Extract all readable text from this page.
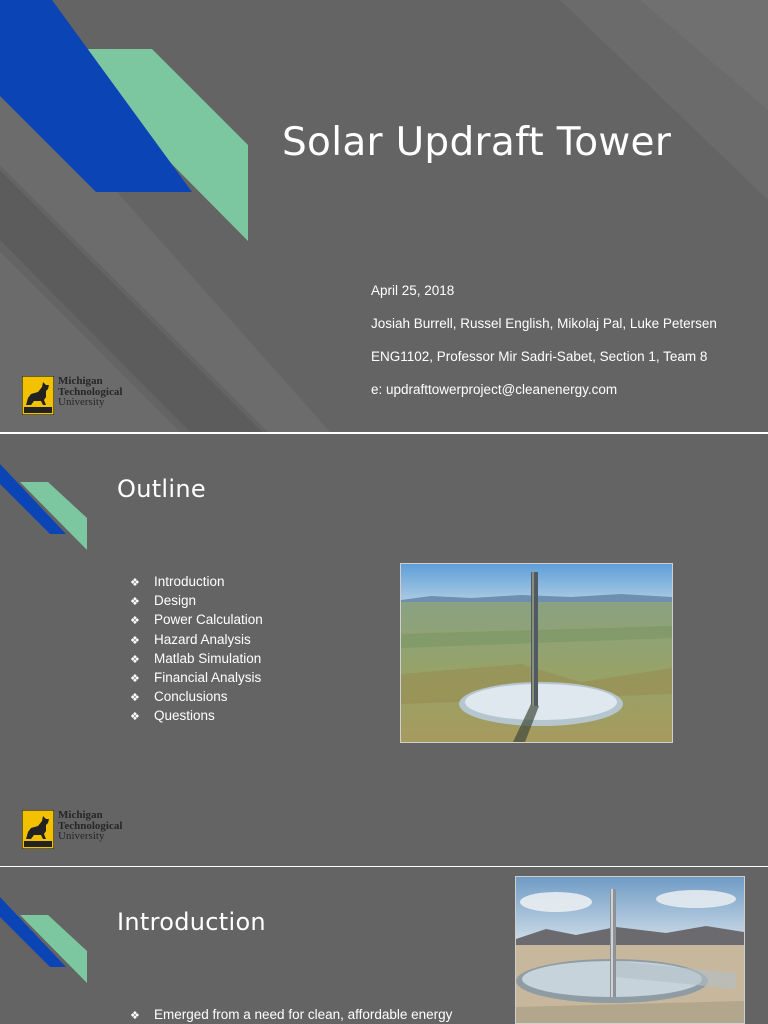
Solar Updraft Tower

April 25, 2018

Josiah Burrell, Russel English, Mikolaj Pal, Luke Petersen

ENG1102, Professor Mir Sadri-Sabet, Section 1, Team 8

e: updrafttowerproject@cleanenergy.com

Michigan
Technological
University
Outline
❖ Introduction
❖ Design
❖ Power Calculation
❖ Hazard Analysis
❖ Matlab Simulation
❖ Financial Analysis
❖ Conclusions
❖ Questions
Michigan
Technological
University
Introduction
❖ Emerged from a need for clean, affordable energy
